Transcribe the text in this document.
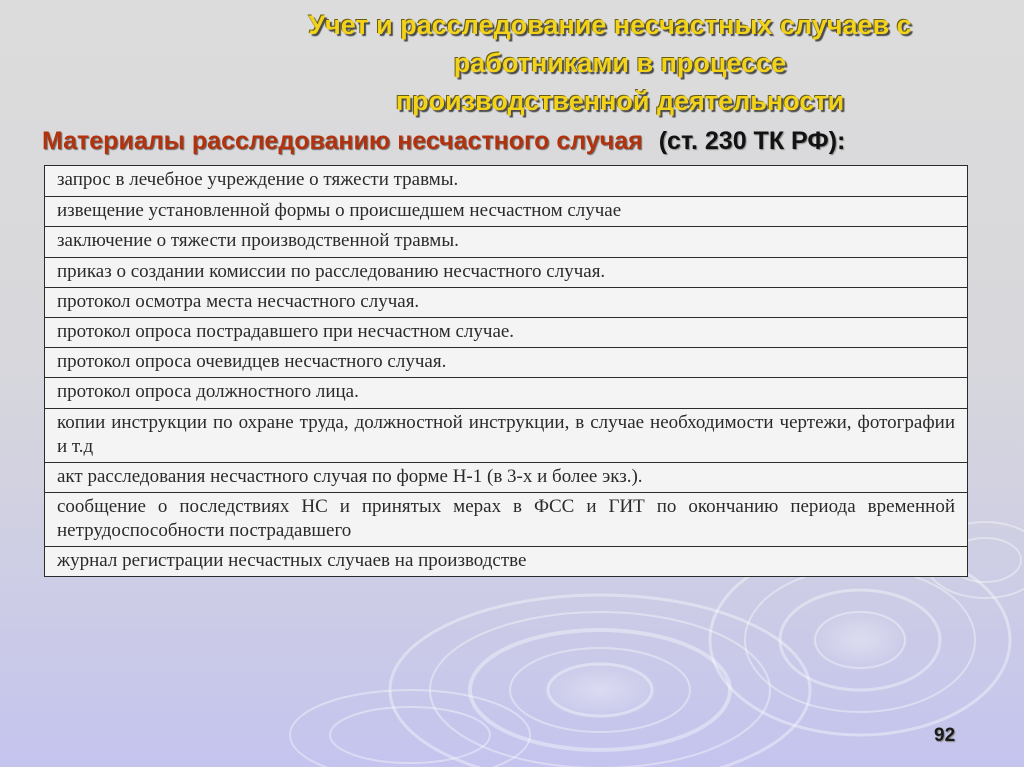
Учет и расследование несчастных случаев с
работниками в процессе
производственной деятельности
Материалы расследованию несчастного случая (ст. 230 ТК РФ):
запрос в лечебное учреждение о тяжести травмы.
извещение установленной формы о происшедшем несчастном случае
заключение о тяжести производственной травмы.
приказ о создании комиссии по расследованию несчастного случая.
протокол осмотра места несчастного случая.
протокол опроса пострадавшего при несчастном случае.
протокол опроса очевидцев несчастного случая.
протокол опроса должностного лица.
копии инструкции по охране труда, должностной инструкции, в случае необходимости чертежи, фотографии и т.д
акт расследования несчастного случая по форме Н-1 (в 3-х и более экз.).
сообщение о последствиях НС и принятых мерах в ФСС и ГИТ по окончанию периода временной нетрудоспособности пострадавшего
журнал регистрации несчастных случаев на производстве
92
